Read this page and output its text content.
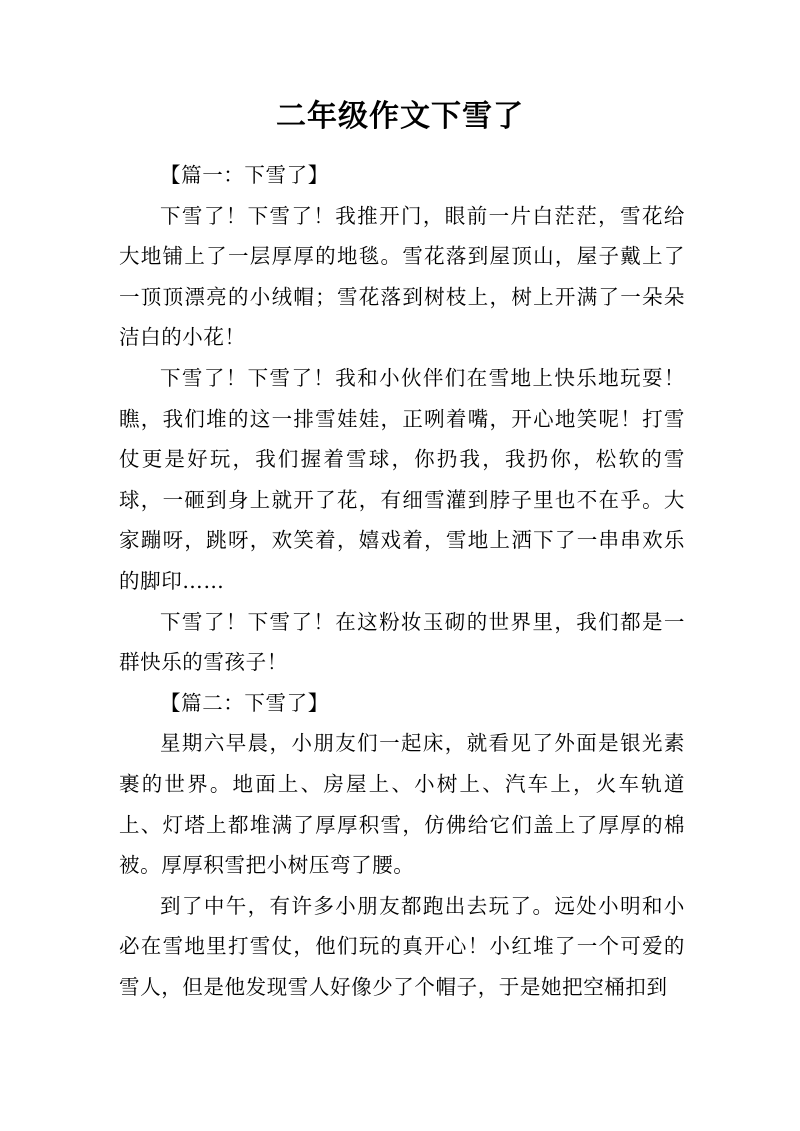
二年级作文下雪了

【篇一：下雪了】

下雪了！下雪了！我推开门，眼前一片白茫茫，雪花给大地铺上了一层厚厚的地毯。雪花落到屋顶山，屋子戴上了一顶顶漂亮的小绒帽；雪花落到树枝上，树上开满了一朵朵洁白的小花！

下雪了！下雪了！我和小伙伴们在雪地上快乐地玩耍！瞧，我们堆的这一排雪娃娃，正咧着嘴，开心地笑呢！打雪仗更是好玩，我们握着雪球，你扔我，我扔你，松软的雪球，一砸到身上就开了花，有细雪灌到脖子里也不在乎。大家蹦呀，跳呀，欢笑着，嬉戏着，雪地上洒下了一串串欢乐的脚印……

下雪了！下雪了！在这粉妆玉砌的世界里，我们都是一群快乐的雪孩子！

【篇二：下雪了】

星期六早晨，小朋友们一起床，就看见了外面是银光素裹的世界。地面上、房屋上、小树上、汽车上，火车轨道上、灯塔上都堆满了厚厚积雪，仿佛给它们盖上了厚厚的棉被。厚厚积雪把小树压弯了腰。

到了中午，有许多小朋友都跑出去玩了。远处小明和小必在雪地里打雪仗，他们玩的真开心！小红堆了一个可爱的雪人，但是他发现雪人好像少了个帽子，于是她把空桶扣到
